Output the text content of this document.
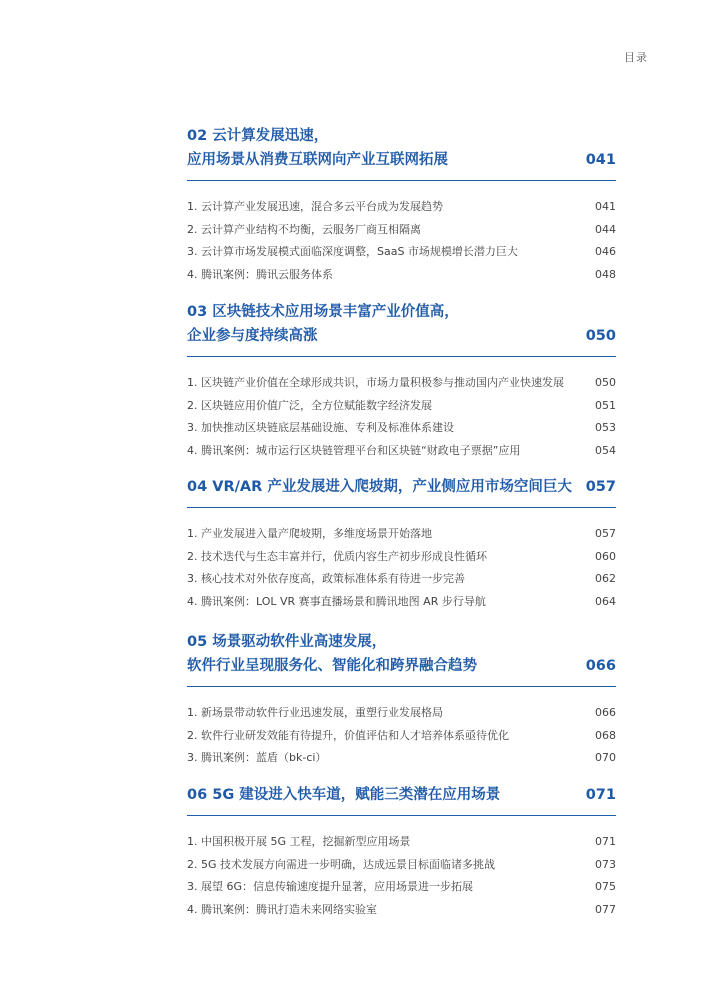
目录
02 云计算发展迅速，
应用场景从消费互联网向产业互联网拓展	041
1. 云计算产业发展迅速，混合多云平台成为发展趋势	041
2. 云计算产业结构不均衡，云服务厂商互相隔离	044
3. 云计算市场发展模式面临深度调整，SaaS 市场规模增长潜力巨大	046
4. 腾讯案例：腾讯云服务体系	048
03 区块链技术应用场景丰富产业价值高，
企业参与度持续高涨	050
1. 区块链产业价值在全球形成共识，市场力量积极参与推动国内产业快速发展	050
2. 区块链应用价值广泛，全方位赋能数字经济发展	051
3. 加快推动区块链底层基础设施、专利及标准体系建设	053
4. 腾讯案例：城市运行区块链管理平台和区块链“财政电子票据”应用	054
04 VR/AR 产业发展进入爬坡期，产业侧应用市场空间巨大 057
1. 产业发展进入量产爬坡期，多维度场景开始落地	057
2. 技术迭代与生态丰富并行，优质内容生产初步形成良性循环	060
3. 核心技术对外依存度高，政策标准体系有待进一步完善	062
4. 腾讯案例：LOL VR 赛事直播场景和腾讯地图 AR 步行导航	064
05 场景驱动软件业高速发展，
软件行业呈现服务化、智能化和跨界融合趋势	066
1. 新场景带动软件行业迅速发展，重塑行业发展格局	066
2. 软件行业研发效能有待提升，价值评估和人才培养体系亟待优化	068
3. 腾讯案例：蓝盾（bk-ci）	070
06 5G 建设进入快车道，赋能三类潜在应用场景	071
1. 中国积极开展 5G 工程，挖掘新型应用场景	071
2. 5G 技术发展方向需进一步明确，达成远景目标面临诸多挑战	073
3. 展望 6G：信息传输速度提升显著，应用场景进一步拓展	075
4. 腾讯案例：腾讯打造未来网络实验室	077
